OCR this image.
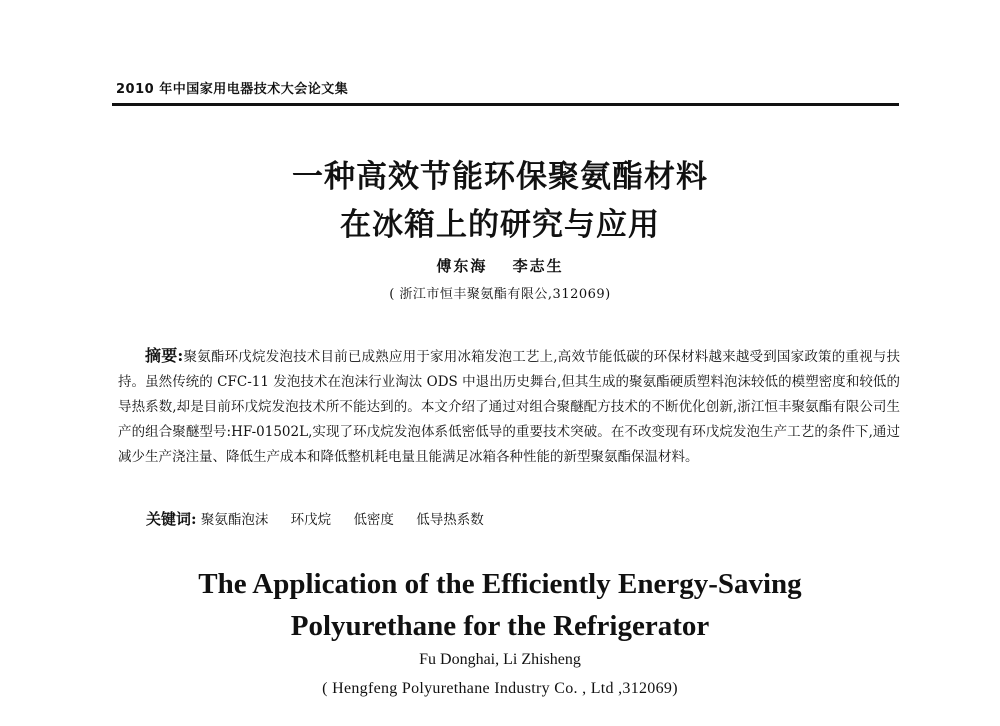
2010 年中国家用电器技术大会论文集
一种高效节能环保聚氨酯材料
在冰箱上的研究与应用
傅东海 李志生
( 浙江市恒丰聚氨酯有限公,312069)
摘要:聚氨酯环戊烷发泡技术目前已成熟应用于家用冰箱发泡工艺上,高效节能低碳的环保材料越来越受到国家政策的重视与扶持。虽然传统的 CFC-11 发泡技术在泡沫行业淘汰 ODS 中退出历史舞台,但其生成的聚氨酯硬质塑料泡沫较低的模塑密度和较低的导热系数,却是目前环戊烷发泡技术所不能达到的。本文介绍了通过对组合聚醚配方技术的不断优化创新,浙江恒丰聚氨酯有限公司生产的组合聚醚型号:HF-01502L,实现了环戊烷发泡体系低密低导的重要技术突破。在不改变现有环戊烷发泡生产工艺的条件下,通过减少生产浇注量、降低生产成本和降低整机耗电量且能满足冰箱各种性能的新型聚氨酯保温材料。
关键词: 聚氨酯泡沫 环戊烷 低密度 低导热系数
The Application of the Efficiently Energy-Saving
Polyurethane for the Refrigerator
Fu Donghai, Li Zhisheng
( Hengfeng Polyurethane Industry Co. , Ltd ,312069)
